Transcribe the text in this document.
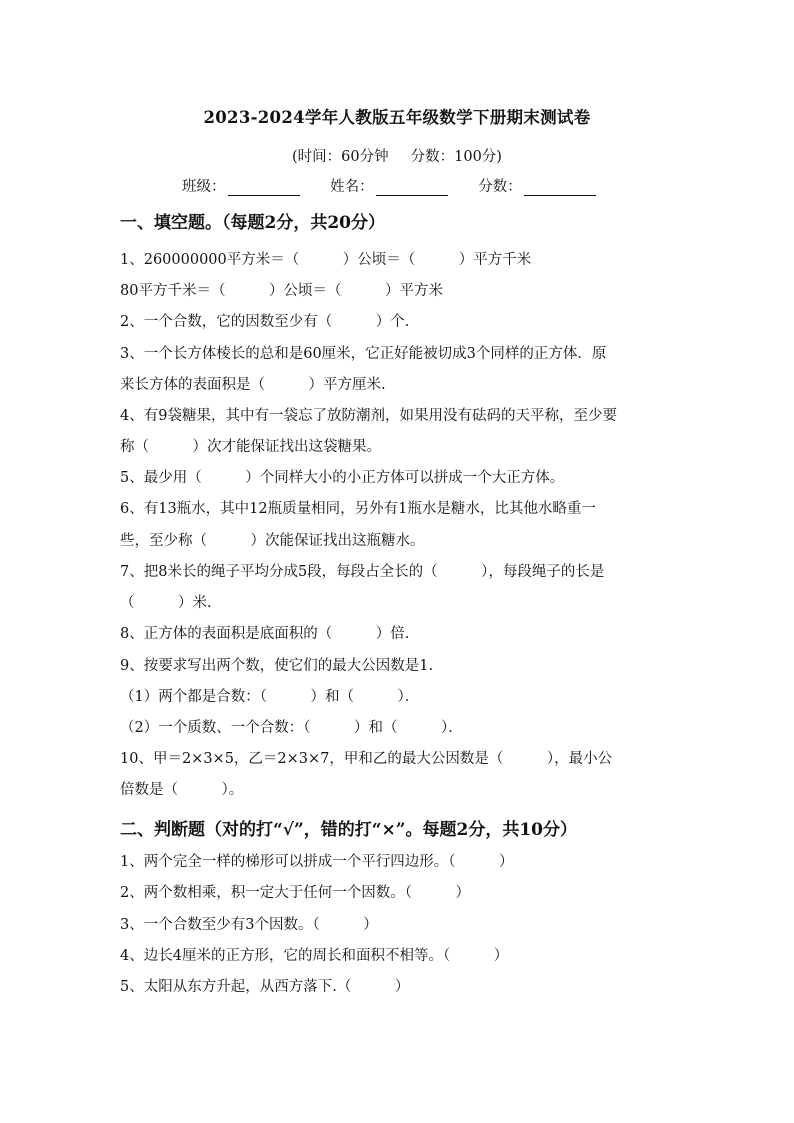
2023-2024学年人教版五年级数学下册期末测试卷
(时间：60分钟 分数：100分)
班级：	姓名：	分数：
一、填空题。（每题2分，共20分）
1、260000000平方米＝（　　　）公顷＝（　　　）平方千米
80平方千米＝（　　　）公顷＝（　　　）平方米
2、一个合数，它的因数至少有（　　　）个.
3、一个长方体棱长的总和是60厘米，它正好能被切成3个同样的正方体．原
来长方体的表面积是（　　　）平方厘米.
4、有9袋糖果，其中有一袋忘了放防潮剂，如果用没有砝码的天平称，至少要
称（　　　）次才能保证找出这袋糖果。
5、最少用（　　　）个同样大小的小正方体可以拼成一个大正方体。
6、有13瓶水，其中12瓶质量相同，另外有1瓶水是糖水，比其他水略重一
些，至少称（　　　）次能保证找出这瓶糖水。
7、把8米长的绳子平均分成5段，每段占全长的（　　　），每段绳子的长是
（　　　）米.
8、正方体的表面积是底面积的（　　　）倍.
9、按要求写出两个数，使它们的最大公因数是1.
（1）两个都是合数：（　　　）和（　　　）．
（2）一个质数、一个合数：（　　　）和（　　　）．
10、甲＝2×3×5，乙＝2×3×7，甲和乙的最大公因数是（　　　），最小公
倍数是（　　　）。
二、判断题（对的打“√”，错的打“×”。每题2分，共10分）
1、两个完全一样的梯形可以拼成一个平行四边形。（　　　）
2、两个数相乘，积一定大于任何一个因数。（　　　）
3、一个合数至少有3个因数。（　　　）
4、边长4厘米的正方形，它的周长和面积不相等。（　　　）
5、太阳从东方升起，从西方落下.（　　　）
